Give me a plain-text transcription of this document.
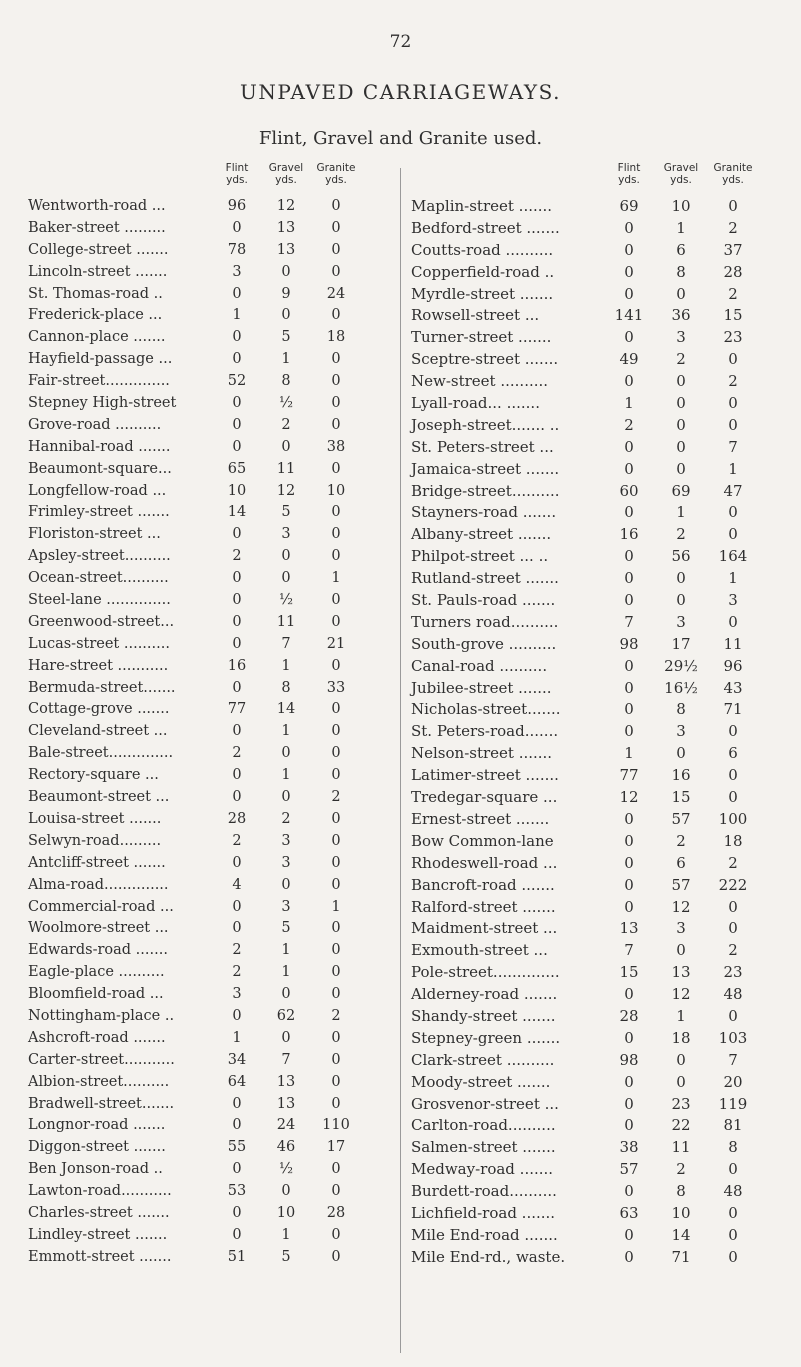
72
UNPAVED CARRIAGEWAYS.
Flint, Gravel and Granite used.
Flint
yds.
Gravel
yds.
Granite
yds.
Wentworth-road ...	96	12	0
Baker-street .........	0	13	0
College-street .......	78	13	0
Lincoln-street .......	3	0	0
St. Thomas-road ..	0	9	24
Frederick-place ...	1	0	0
Cannon-place .......	0	5	18
Hayfield-passage ...	0	1	0
Fair-street..............	52	8	0
Stepney High-street	0	½	0
Grove-road ..........	0	2	0
Hannibal-road .......	0	0	38
Beaumont-square...	65	11	0
Longfellow-road ...	10	12	10
Frimley-street .......	14	5	0
Floriston-street ...	0	3	0
Apsley-street..........	2	0	0
Ocean-street..........	0	0	1
Steel-lane ..............	0	½	0
Greenwood-street...	0	11	0
Lucas-street ..........	0	7	21
Hare-street ...........	16	1	0
Bermuda-street.......	0	8	33
Cottage-grove .......	77	14	0
Cleveland-street ...	0	1	0
Bale-street..............	2	0	0
Rectory-square ...	0	1	0
Beaumont-street ...	0	0	2
Louisa-street .......	28	2	0
Selwyn-road.........	2	3	0
Antcliff-street .......	0	3	0
Alma-road..............	4	0	0
Commercial-road ...	0	3	1
Woolmore-street ...	0	5	0
Edwards-road .......	2	1	0
Eagle-place ..........	2	1	0
Bloomfield-road ...	3	0	0
Nottingham-place ..	0	62	2
Ashcroft-road .......	1	0	0
Carter-street...........	34	7	0
Albion-street..........	64	13	0
Bradwell-street.......	0	13	0
Longnor-road .......	0	24	110
Diggon-street .......	55	46	17
Ben Jonson-road ..	0	½	0
Lawton-road...........	53	0	0
Charles-street .......	0	10	28
Lindley-street .......	0	1	0
Emmott-street .......	51	5	0
Flint
yds.
Gravel
yds.
Granite
yds.
Maplin-street .......	69	10	0
Bedford-street .......	0	1	2
Coutts-road ..........	0	6	37
Copperfield-road ..	0	8	28
Myrdle-street .......	0	0	2
Rowsell-street ...	141	36	15
Turner-street .......	0	3	23
Sceptre-street .......	49	2	0
New-street ..........	0	0	2
Lyall-road... .......	1	0	0
Joseph-street....... ..	2	0	0
St. Peters-street ...	0	0	7
Jamaica-street .......	0	0	1
Bridge-street..........	60	69	47
Stayners-road .......	0	1	0
Albany-street .......	16	2	0
Philpot-street ... ..	0	56	164
Rutland-street .......	0	0	1
St. Pauls-road .......	0	0	3
Turners road..........	7	3	0
South-grove ..........	98	17	11
Canal-road ..........	0	29½	96
Jubilee-street .......	0	16½	43
Nicholas-street.......	0	8	71
St. Peters-road.......	0	3	0
Nelson-street .......	1	0	6
Latimer-street .......	77	16	0
Tredegar-square ...	12	15	0
Ernest-street .......	0	57	100
Bow Common-lane	0	2	18
Rhodeswell-road ...	0	6	2
Bancroft-road .......	0	57	222
Ralford-street .......	0	12	0
Maidment-street ...	13	3	0
Exmouth-street ...	7	0	2
Pole-street..............	15	13	23
Alderney-road .......	0	12	48
Shandy-street .......	28	1	0
Stepney-green .......	0	18	103
Clark-street ..........	98	0	7
Moody-street .......	0	0	20
Grosvenor-street ...	0	23	119
Carlton-road..........	0	22	81
Salmen-street .......	38	11	8
Medway-road .......	57	2	0
Burdett-road..........	0	8	48
Lichfield-road .......	63	10	0
Mile End-road .......	0	14	0
Mile End-rd., waste.	0	71	0
